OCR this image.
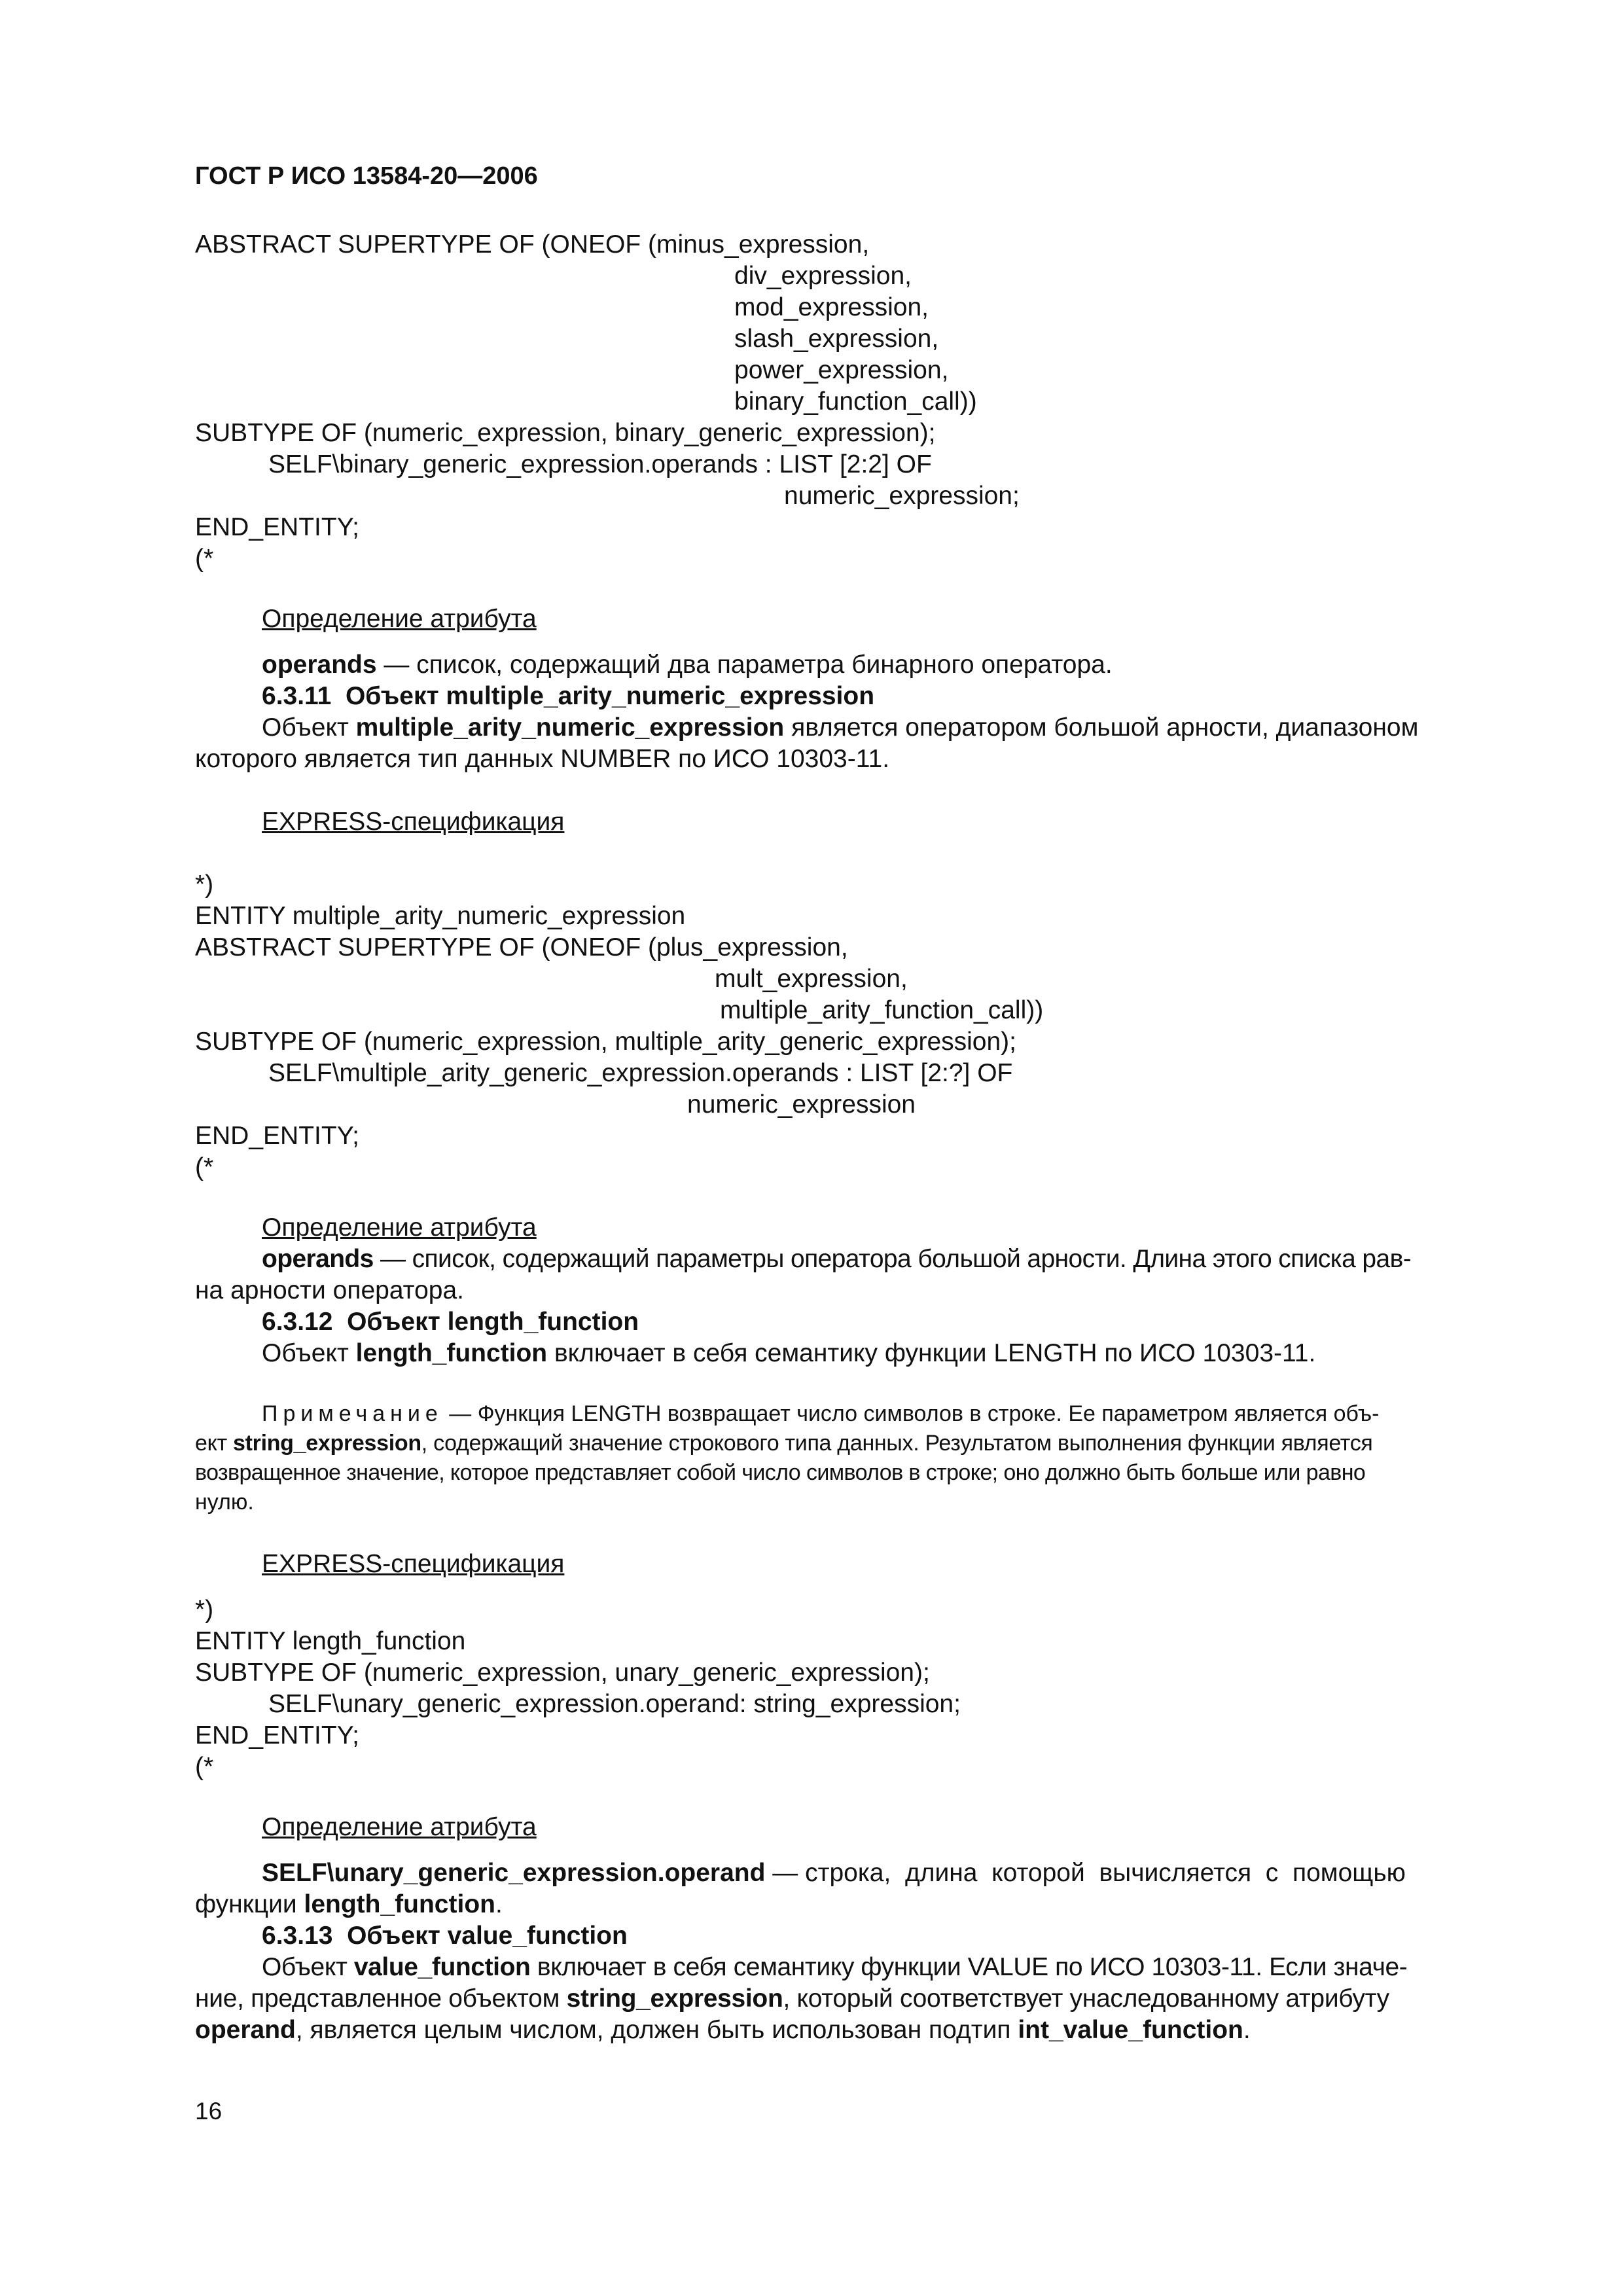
ГОСТ Р ИСО 13584-20—2006
ABSTRACT SUPERTYPE OF (ONEOF (minus_expression,
div_expression,
mod_expression,
slash_expression,
power_expression,
binary_function_call))
SUBTYPE OF (numeric_expression, binary_generic_expression);
SELF\binary_generic_expression.operands : LIST [2:2] OF
numeric_expression;
END_ENTITY;
(*
Определение атрибута
operands — список, содержащий два параметра бинарного оператора.
6.3.11  Объект multiple_arity_numeric_expression
Объект multiple_arity_numeric_expression является оператором большой арности, диапазоном
которого является тип данных NUMBER по ИСО 10303-11.
EXPRESS-спецификация
*)
ENTITY multiple_arity_numeric_expression
ABSTRACT SUPERTYPE OF (ONEOF (plus_expression,
mult_expression,
multiple_arity_function_call))
SUBTYPE OF (numeric_expression, multiple_arity_generic_expression);
SELF\multiple_arity_generic_expression.operands : LIST [2:?] OF
numeric_expression
END_ENTITY;
(*
Определение атрибута
operands — список, содержащий параметры оператора большой арности. Длина этого списка рав-
на арности оператора.
6.3.12  Объект length_function
Объект length_function включает в себя семантику функции LENGTH по ИСО 10303-11.
Примечание — Функция LENGTH возвращает число символов в строке. Ее параметром является объ-
ект string_expression, содержащий значение строкового типа данных. Результатом выполнения функции является
возвращенное значение, которое представляет собой число символов в строке; оно должно быть больше или равно
нулю.
EXPRESS-спецификация
*)
ENTITY length_function
SUBTYPE OF (numeric_expression, unary_generic_expression);
SELF\unary_generic_expression.operand: string_expression;
END_ENTITY;
(*
Определение атрибута
SELF\unary_generic_expression.operand — строка,  длина  которой  вычисляется  с  помощью
функции length_function.
6.3.13  Объект value_function
Объект value_function включает в себя семантику функции VALUE по ИСО 10303-11. Если значе-
ние, представленное объектом string_expression, который соответствует унаследованному атрибуту
operand, является целым числом, должен быть использован подтип int_value_function.
16
